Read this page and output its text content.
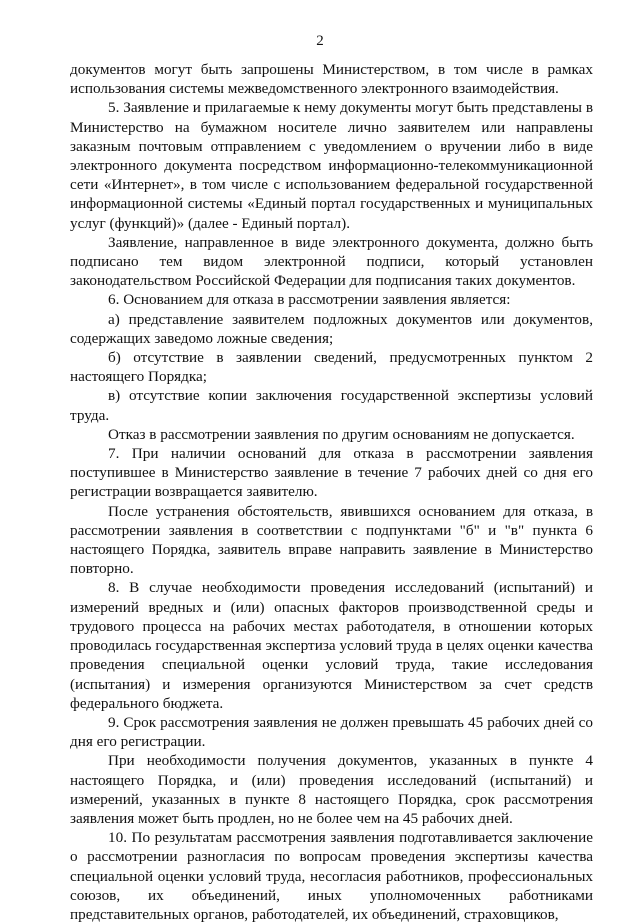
2

документов могут быть запрошены Министерством, в том числе в рамках использования системы межведомственного электронного взаимодействия.

5. Заявление и прилагаемые к нему документы могут быть представлены в Министерство на бумажном носителе лично заявителем или направлены заказным почтовым отправлением с уведомлением о вручении либо в виде электронного документа посредством информационно-телекоммуникационной сети «Интернет», в том числе с использованием федеральной государственной информационной системы «Единый портал государственных и муниципальных услуг (функций)» (далее - Единый портал).

Заявление, направленное в виде электронного документа, должно быть подписано тем видом электронной подписи, который установлен законодательством Российской Федерации для подписания таких документов.

6. Основанием для отказа в рассмотрении заявления является:

а) представление заявителем подложных документов или документов, содержащих заведомо ложные сведения;

б) отсутствие в заявлении сведений, предусмотренных пунктом 2 настоящего Порядка;

в) отсутствие копии заключения государственной экспертизы условий труда.

Отказ в рассмотрении заявления по другим основаниям не допускается.

7. При наличии оснований для отказа в рассмотрении заявления поступившее в Министерство заявление в течение 7 рабочих дней со дня его регистрации возвращается заявителю.

После устранения обстоятельств, явившихся основанием для отказа, в рассмотрении заявления в соответствии с подпунктами "б" и "в" пункта 6 настоящего Порядка, заявитель вправе направить заявление в Министерство повторно.

8. В случае необходимости проведения исследований (испытаний) и измерений вредных и (или) опасных факторов производственной среды и трудового процесса на рабочих местах работодателя, в отношении которых проводилась государственная экспертиза условий труда в целях оценки качества проведения специальной оценки условий труда, такие исследования (испытания) и измерения организуются Министерством за счет средств федерального бюджета.

9. Срок рассмотрения заявления не должен превышать 45 рабочих дней со дня его регистрации.

При необходимости получения документов, указанных в пункте 4 настоящего Порядка, и (или) проведения исследований (испытаний) и измерений, указанных в пункте 8 настоящего Порядка, срок рассмотрения заявления может быть продлен, но не более чем на 45 рабочих дней.

10. По результатам рассмотрения заявления подготавливается заключение о рассмотрении разногласия по вопросам проведения экспертизы качества специальной оценки условий труда, несогласия работников, профессиональных союзов, их объединений, иных уполномоченных работниками представительных органов, работодателей, их объединений, страховщиков,
